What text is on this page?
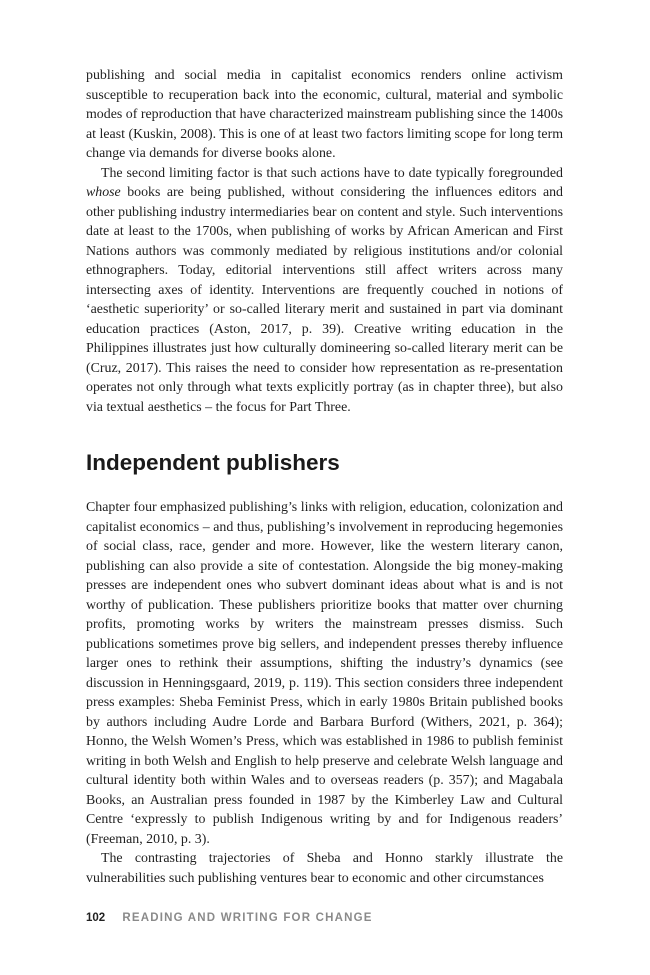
publishing and social media in capitalist economics renders online activism susceptible to recuperation back into the economic, cultural, material and symbolic modes of reproduction that have characterized mainstream publishing since the 1400s at least (Kuskin, 2008). This is one of at least two factors limiting scope for long term change via demands for diverse books alone.

The second limiting factor is that such actions have to date typically foregrounded whose books are being published, without considering the influences editors and other publishing industry intermediaries bear on content and style. Such interventions date at least to the 1700s, when publishing of works by African American and First Nations authors was commonly mediated by religious institutions and/or colonial ethnographers. Today, editorial interventions still affect writers across many intersecting axes of identity. Interventions are frequently couched in notions of ‘aesthetic superiority’ or so-called literary merit and sustained in part via dominant education practices (Aston, 2017, p. 39). Creative writing education in the Philippines illustrates just how culturally domineering so-called literary merit can be (Cruz, 2017). This raises the need to consider how representation as re-presentation operates not only through what texts explicitly portray (as in chapter three), but also via textual aesthetics – the focus for Part Three.

Independent publishers

Chapter four emphasized publishing’s links with religion, education, colonization and capitalist economics – and thus, publishing’s involvement in reproducing hegemonies of social class, race, gender and more. However, like the western literary canon, publishing can also provide a site of contestation. Alongside the big money-making presses are independent ones who subvert dominant ideas about what is and is not worthy of publication. These publishers prioritize books that matter over churning profits, promoting works by writers the mainstream presses dismiss. Such publications sometimes prove big sellers, and independent presses thereby influence larger ones to rethink their assumptions, shifting the industry’s dynamics (see discussion in Henningsgaard, 2019, p. 119). This section considers three independent press examples: Sheba Feminist Press, which in early 1980s Britain published books by authors including Audre Lorde and Barbara Burford (Withers, 2021, p. 364); Honno, the Welsh Women’s Press, which was established in 1986 to publish feminist writing in both Welsh and English to help preserve and celebrate Welsh language and cultural identity both within Wales and to overseas readers (p. 357); and Magabala Books, an Australian press founded in 1987 by the Kimberley Law and Cultural Centre ‘expressly to publish Indigenous writing by and for Indigenous readers’ (Freeman, 2010, p. 3).

The contrasting trajectories of Sheba and Honno starkly illustrate the vulnerabilities such publishing ventures bear to economic and other circumstances

102 READING AND WRITING FOR CHANGE
